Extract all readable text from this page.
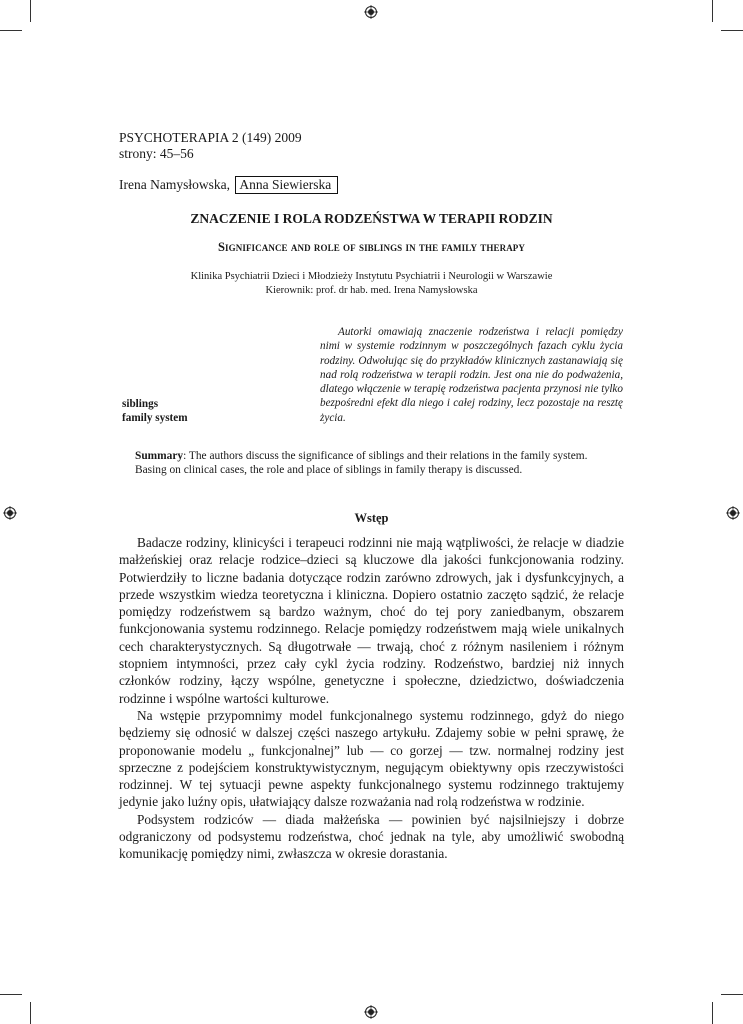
PSYCHOTERAPIA 2 (149) 2009
strony: 45–56
Irena Namysłowska, Anna Siewierska
ZNACZENIE I ROLA RODZEŃSTWA W TERAPII RODZIN
Significance and role of siblings in the family therapy
Klinika Psychiatrii Dzieci i Młodzieży Instytutu Psychiatrii i Neurologii w Warszawie
Kierownik: prof. dr hab. med. Irena Namysłowska

Autorki omawiają znaczenie rodzeństwa i relacji pomiędzy nimi w systemie rodzinnym w poszczególnych fazach cyklu życia rodziny. Odwołując się do przykładów klinicznych zastanawiają się nad rolą rodzeństwa w terapii rodzin. Jest ona nie do podważenia, dlatego włączenie w terapię rodzeństwa pacjenta przynosi nie tylko bezpośredni efekt dla niego i całej rodziny, lecz pozostaje na resztę życia.

siblings
family system
Summary: The authors discuss the significance of siblings and their relations in the family system. Basing on clinical cases, the role and place of siblings in family therapy is discussed.
Wstęp

Badacze rodziny, klinicyści i terapeuci rodzinni nie mają wątpliwości, że relacje w diadzie małżeńskiej oraz relacje rodzice–dzieci są kluczowe dla jakości funkcjonowania rodziny. Potwierdziły to liczne badania dotyczące rodzin zarówno zdrowych, jak i dysfunkcyjnych, a przede wszystkim wiedza teoretyczna i kliniczna. Dopiero ostatnio zaczęto sądzić, że relacje pomiędzy rodzeństwem są bardzo ważnym, choć do tej pory zaniedbanym, obszarem funkcjonowania systemu rodzinnego. Relacje pomiędzy rodzeństwem mają wiele unikalnych cech charakterystycznych. Są długotrwałe — trwają, choć z różnym nasileniem i różnym stopniem intymności, przez cały cykl życia rodziny. Rodzeństwo, bardziej niż innych członków rodziny, łączy wspólne, genetyczne i społeczne, dziedzictwo, doświadczenia rodzinne i wspólne wartości kulturowe.

Na wstępie przypomnimy model funkcjonalnego systemu rodzinnego, gdyż do niego będziemy się odnosić w dalszej części naszego artykułu. Zdajemy sobie w pełni sprawę, że proponowanie modelu „ funkcjonalnej” lub — co gorzej — tzw. normalnej rodziny jest sprzeczne z podejściem konstruktywistycznym, negującym obiektywny opis rzeczywistości rodzinnej. W tej sytuacji pewne aspekty funkcjonalnego systemu rodzinnego traktujemy jedynie jako luźny opis, ułatwiający dalsze rozważania nad rolą rodzeństwa w rodzinie.

Podsystem rodziców — diada małżeńska — powinien być najsilniejszy i dobrze odgraniczony od podsystemu rodzeństwa, choć jednak na tyle, aby umożliwić swobodną komunikację pomiędzy nimi, zwłaszcza w okresie dorastania.
